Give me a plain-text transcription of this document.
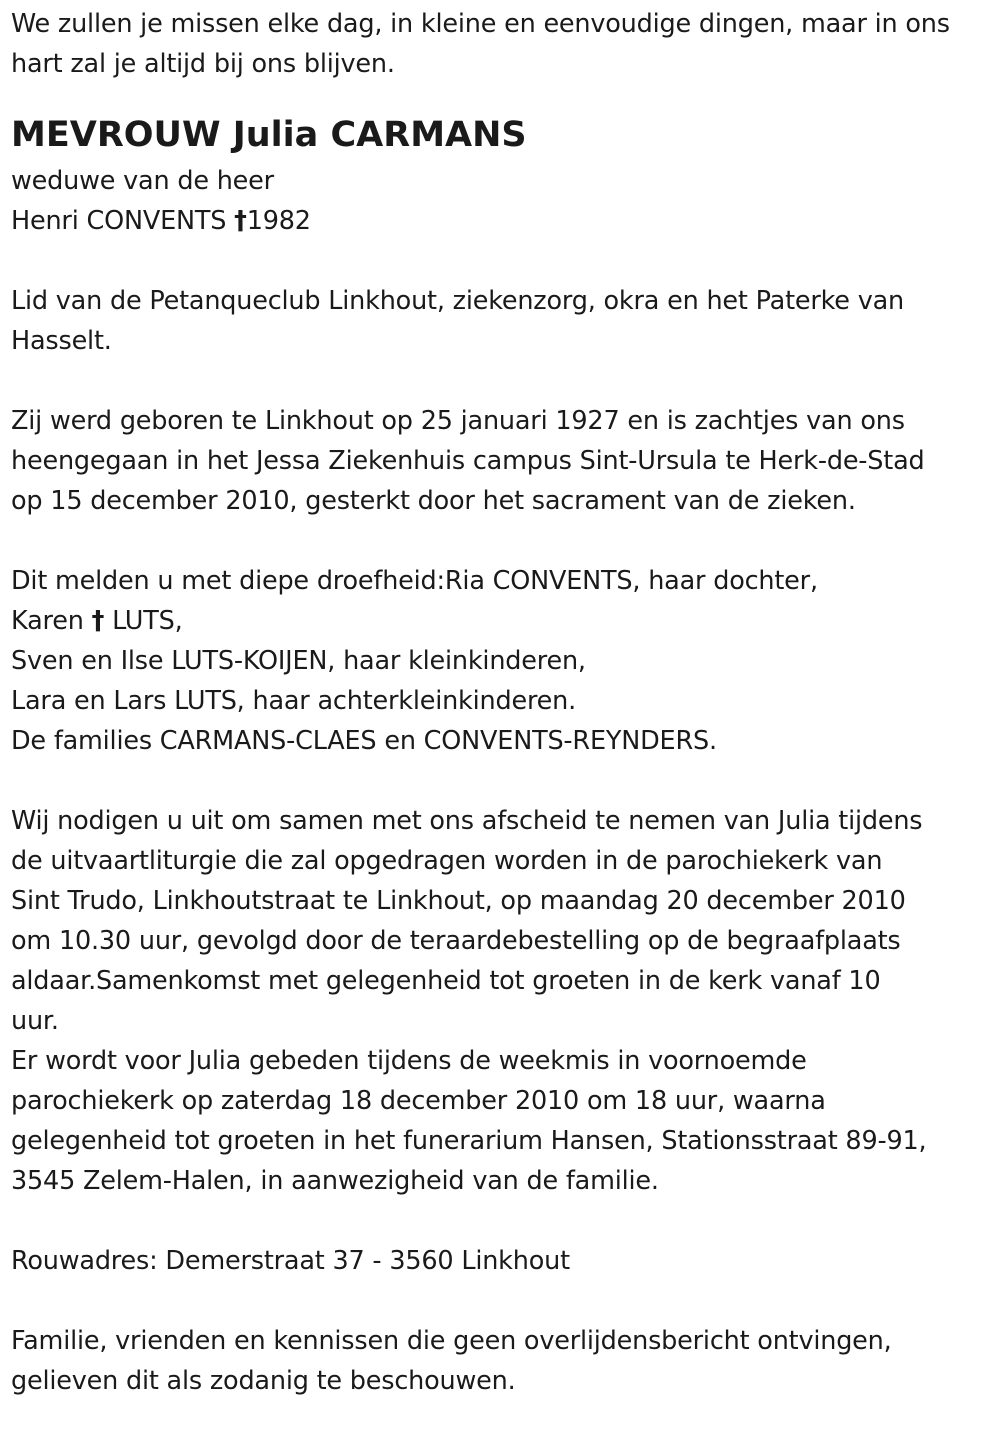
We zullen je missen elke dag, in kleine en eenvoudige dingen, maar in ons
hart zal je altijd bij ons blijven.
MEVROUW Julia CARMANS
weduwe van de heer
Henri CONVENTS †1982
Lid van de Petanqueclub Linkhout, ziekenzorg, okra en het Paterke van
Hasselt.
Zij werd geboren te Linkhout op 25 januari 1927 en is zachtjes van ons
heengegaan in het Jessa Ziekenhuis campus Sint-Ursula te Herk-de-Stad
op 15 december 2010, gesterkt door het sacrament van de zieken.
Dit melden u met diepe droefheid:Ria CONVENTS, haar dochter,
Karen † LUTS,
Sven en Ilse LUTS-KOIJEN, haar kleinkinderen,
Lara en Lars LUTS, haar achterkleinkinderen.
De families CARMANS-CLAES en CONVENTS-REYNDERS.
Wij nodigen u uit om samen met ons afscheid te nemen van Julia tijdens
de uitvaartliturgie die zal opgedragen worden in de parochiekerk van
Sint Trudo, Linkhoutstraat te Linkhout, op maandag 20 december 2010
om 10.30 uur, gevolgd door de teraardebestelling op de begraafplaats
aldaar.Samenkomst met gelegenheid tot groeten in de kerk vanaf 10
uur.
Er wordt voor Julia gebeden tijdens de weekmis in voornoemde
parochiekerk op zaterdag 18 december 2010 om 18 uur, waarna
gelegenheid tot groeten in het funerarium Hansen, Stationsstraat 89-91,
3545 Zelem-Halen, in aanwezigheid van de familie.
Rouwadres: Demerstraat 37 - 3560 Linkhout
Familie, vrienden en kennissen die geen overlijdensbericht ontvingen,
gelieven dit als zodanig te beschouwen.
